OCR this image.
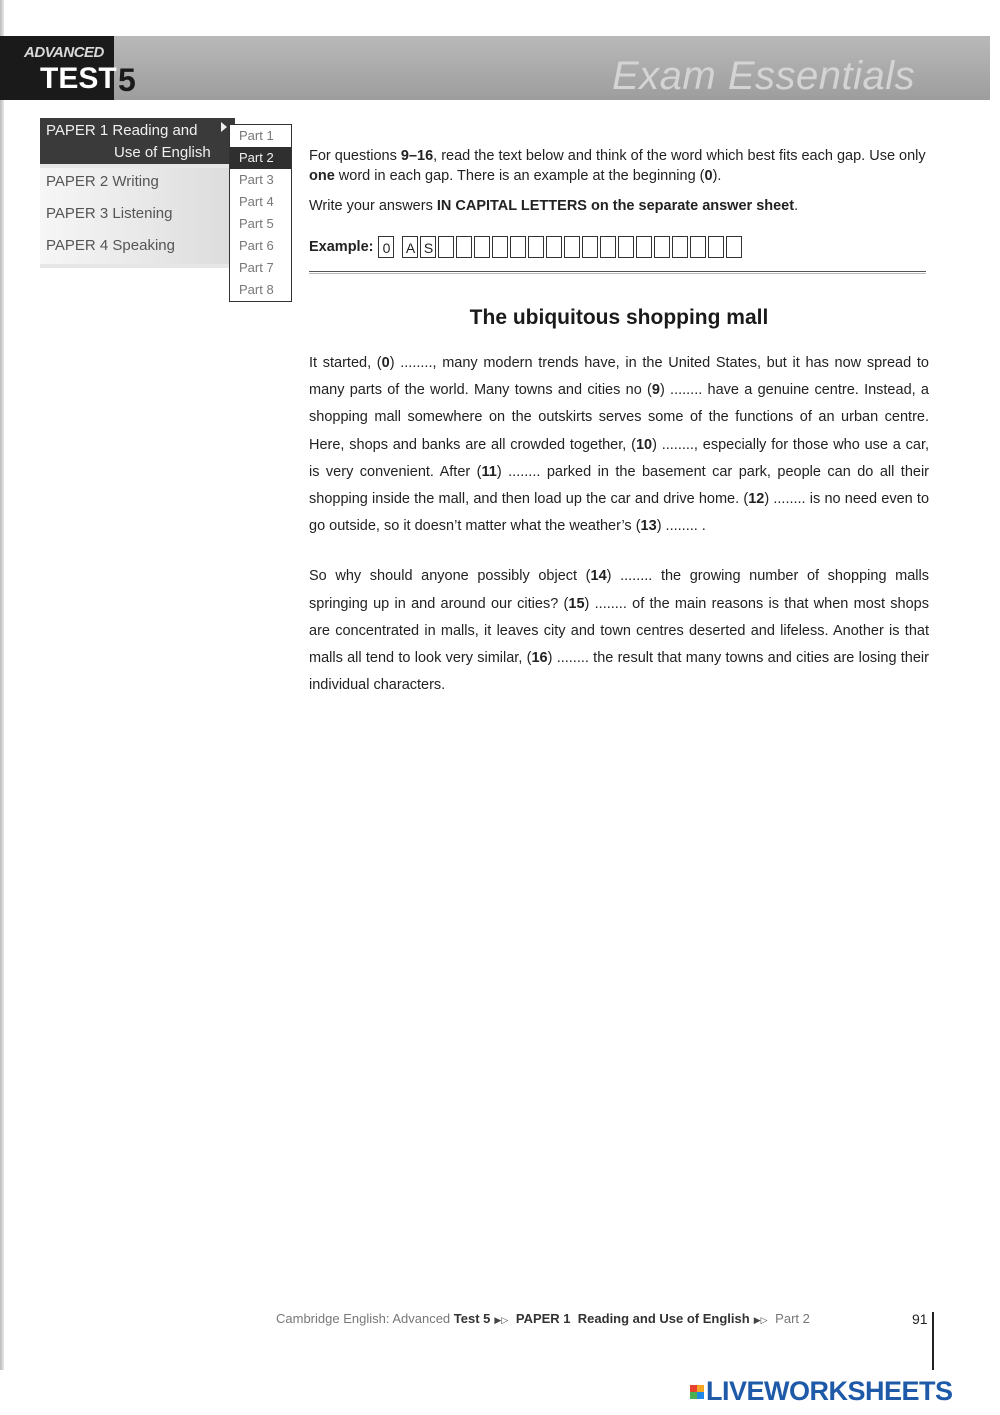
Exam Essentials
ADVANCED
TEST 5
PAPER 1 Reading and
Use of English
PAPER 2 Writing
PAPER 3 Listening
PAPER 4 Speaking
Part 1
Part 2
Part 3
Part 4
Part 5
Part 6
Part 7
Part 8

For questions 9–16, read the text below and think of the word which best fits each gap. Use only one word in each gap. There is an example at the beginning (0).

Write your answers IN CAPITAL LETTERS on the separate answer sheet.

Example: 0 A S
The ubiquitous shopping mall

It started, (0) ........, many modern trends have, in the United States, but it has now spread to many parts of the world. Many towns and cities no (9) ........ have a genuine centre. Instead, a shopping mall somewhere on the outskirts serves some of the functions of an urban centre. Here, shops and banks are all crowded together, (10) ........, especially for those who use a car, is very convenient. After (11) ........ parked in the basement car park, people can do all their shopping inside the mall, and then load up the car and drive home. (12) ........ is no need even to go outside, so it doesn’t matter what the weather’s (13) ........ .

So why should anyone possibly object (14) ........ the growing number of shopping malls springing up in and around our cities? (15) ........ of the main reasons is that when most shops are concentrated in malls, it leaves city and town centres deserted and lifeless. Another is that malls all tend to look very similar, (16) ........ the result that many towns and cities are losing their individual characters.

Cambridge English: Advanced Test 5 ▶▷ PAPER 1 Reading and Use of English ▶▷ Part 2	91
LIVEWORKSHEETS
